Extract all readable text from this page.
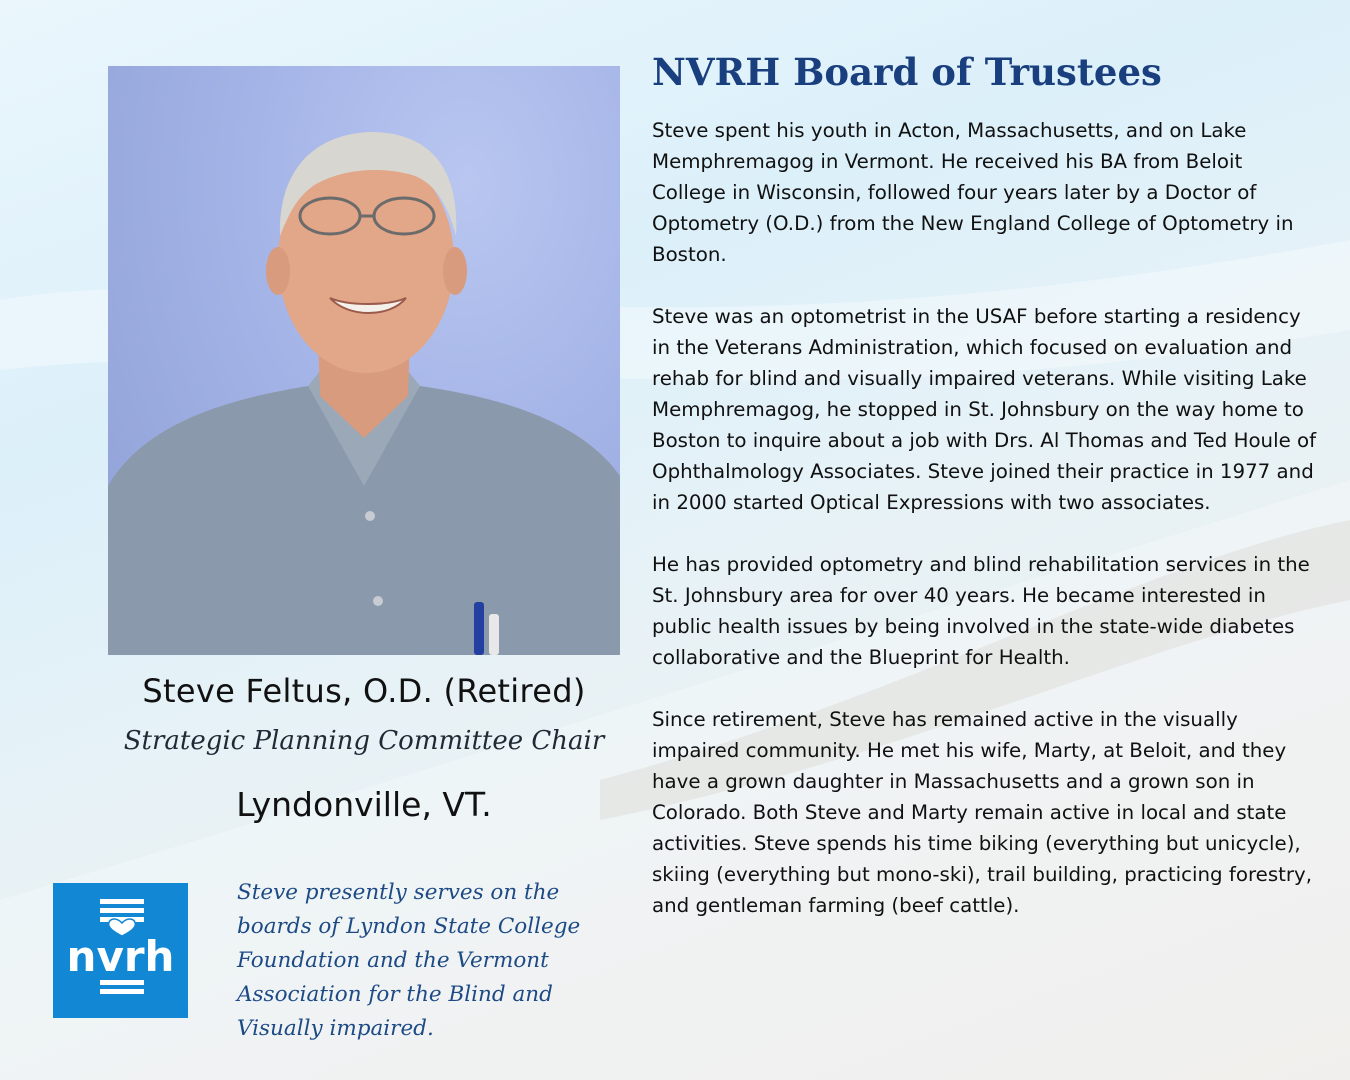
Steve Feltus, O.D. (Retired)
Strategic Planning Committee Chair
Lyndonville, VT.
nvrh
Steve presently serves on the boards of Lyndon State College Foundation and the Vermont Association for the Blind and Visually impaired.
NVRH Board of Trustees

Steve spent his youth in Acton, Massachusetts, and on Lake Memphremagog in Vermont. He received his BA from Beloit College in Wisconsin, followed four years later by a Doctor of Optometry (O.D.) from the New England College of Optometry in Boston.

Steve was an optometrist in the USAF before starting a residency in the Veterans Administration, which focused on evaluation and rehab for blind and visually impaired veterans. While visiting Lake Memphremagog, he stopped in St. Johnsbury on the way home to Boston to inquire about a job with Drs. Al Thomas and Ted Houle of Ophthalmology Associates. Steve joined their practice in 1977 and in 2000 started Optical Expressions with two associates.

He has provided optometry and blind rehabilitation services in the St. Johnsbury area for over 40 years. He became interested in public health issues by being involved in the state-wide diabetes collaborative and the Blueprint for Health.

Since retirement, Steve has remained active in the visually impaired community. He met his wife, Marty, at Beloit, and they have a grown daughter in Massachusetts and a grown son in Colorado. Both Steve and Marty remain active in local and state activities. Steve spends his time biking (everything but unicycle), skiing (everything but mono-ski), trail building, practicing forestry, and gentleman farming (beef cattle).
